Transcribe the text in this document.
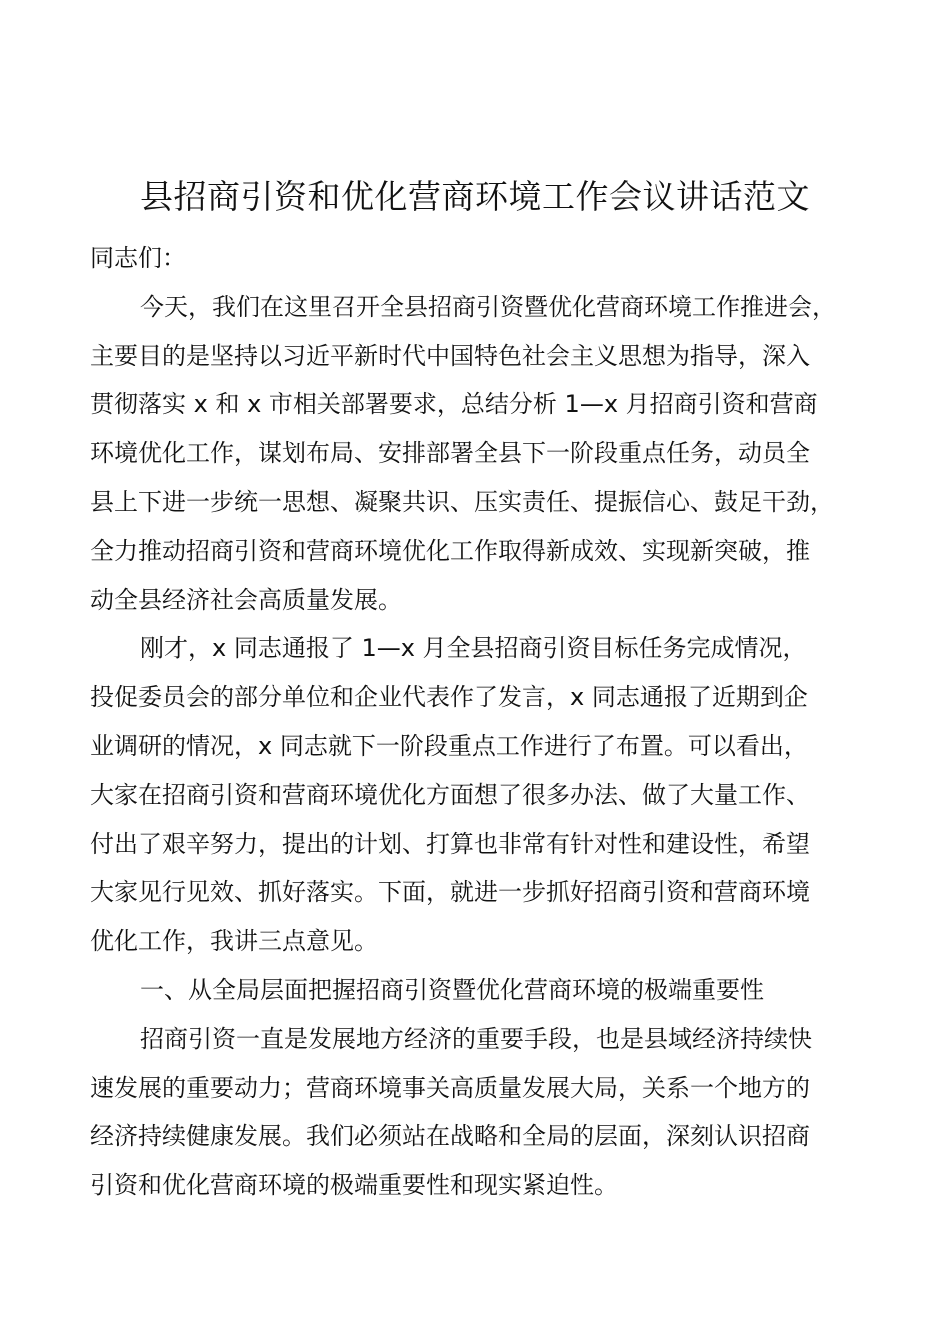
县招商引资和优化营商环境工作会议讲话范文
同志们：
今天，我们在这里召开全县招商引资暨优化营商环境工作推进会，
主要目的是坚持以习近平新时代中国特色社会主义思想为指导，深入
贯彻落实 x 和 x 市相关部署要求，总结分析 1—x 月招商引资和营商
环境优化工作，谋划布局、安排部署全县下一阶段重点任务，动员全
县上下进一步统一思想、凝聚共识、压实责任、提振信心、鼓足干劲，
全力推动招商引资和营商环境优化工作取得新成效、实现新突破，推
动全县经济社会高质量发展。
刚才，x 同志通报了 1—x 月全县招商引资目标任务完成情况，
投促委员会的部分单位和企业代表作了发言，x 同志通报了近期到企
业调研的情况，x 同志就下一阶段重点工作进行了布置。可以看出，
大家在招商引资和营商环境优化方面想了很多办法、做了大量工作、
付出了艰辛努力，提出的计划、打算也非常有针对性和建设性，希望
大家见行见效、抓好落实。下面，就进一步抓好招商引资和营商环境
优化工作，我讲三点意见。
一、从全局层面把握招商引资暨优化营商环境的极端重要性
招商引资一直是发展地方经济的重要手段，也是县域经济持续快
速发展的重要动力；营商环境事关高质量发展大局，关系一个地方的
经济持续健康发展。我们必须站在战略和全局的层面，深刻认识招商
引资和优化营商环境的极端重要性和现实紧迫性。
